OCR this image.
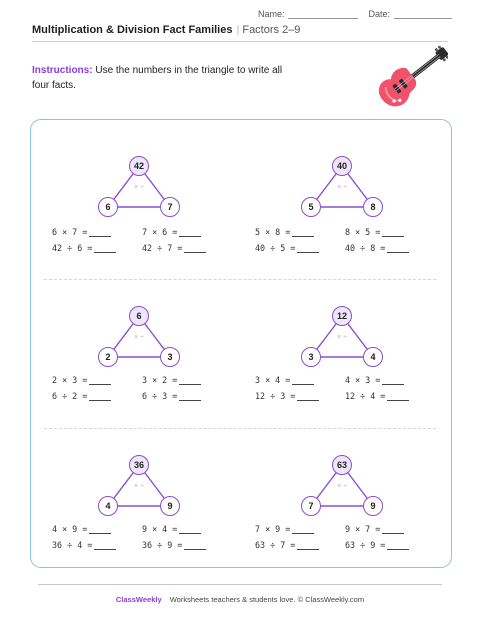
Name:	Date:
Multiplication & Division Fact Families | Factors 2–9
Instructions: Use the numbers in the triangle to write all four facts.
42
6	7
× ÷
6 × 7 =	7 × 6 =
42 ÷ 6 =	42 ÷ 7 =
40
5	8
× ÷
5 × 8 =	8 × 5 =
40 ÷ 5 =	40 ÷ 8 =
6
2	3
× ÷
2 × 3 =	3 × 2 =
6 ÷ 2 =	6 ÷ 3 =
12
3	4
× ÷
3 × 4 =	4 × 3 =
12 ÷ 3 =	12 ÷ 4 =
36
4	9
× ÷
4 × 9 =	9 × 4 =
36 ÷ 4 =	36 ÷ 9 =
63
7	9
× ÷
7 × 9 =	9 × 7 =
63 ÷ 7 =	63 ÷ 9 =
ClassWeekly Worksheets teachers & students love. © ClassWeekly.com
